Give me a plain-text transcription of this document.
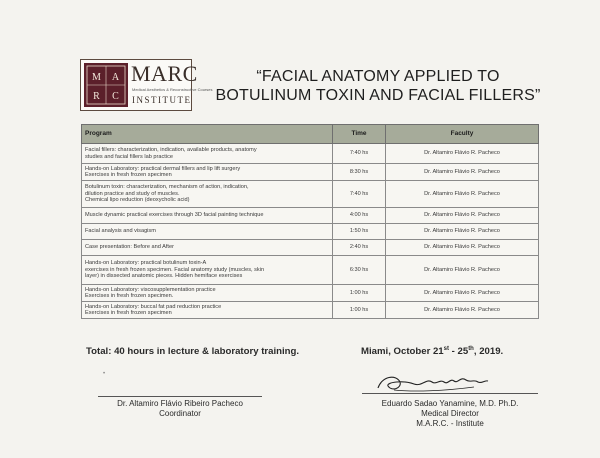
M A
R C
MARC
Medical Aesthetics & Reconstructive Courses
INSTITUTE
“FACIAL ANATOMY APPLIED TO
BOTULINUM TOXIN AND FACIAL FILLERS”
Program	Time	Faculty

Facial fillers: characterization, indication, available products, anatomy
studies and facial fillers lab practice	7:40 hs	Dr. Altamiro Flávio R. Pacheco

Hands-on Laboratory: practical dermal fillers and lip lift surgery
Exercises in fresh frozen specimen	8:30 hs	Dr. Altamiro Flávio R. Pacheco

Botulinum toxin: characterization, mechanism of action, indication,
dilution practice and study of muscles.
Chemical lipo reduction (deoxycholic acid)	7:40 hs	Dr. Altamiro Flávio R. Pacheco

Muscle dynamic practical exercises through 3D facial painting technique	4:00 hs	Dr. Altamiro Flávio R. Pacheco

Facial analysis and visagism	1:50 hs	Dr. Altamiro Flávio R. Pacheco

Case presentation: Before and After	2:40 hs	Dr. Altamiro Flávio R. Pacheco

Hands-on Laboratory: practical botulinum toxin-A
exercises in fresh frozen specimen. Facial anatomy study (muscles, skin
layer) in dissected anatomic pieces. Hidden hemiface exercises	6:30 hs	Dr. Altamiro Flávio R. Pacheco

Hands-on Laboratory: viscosupplementation practice
Exercises in fresh frozen specimen.	1:00 hs	Dr. Altamiro Flávio R. Pacheco

Hands-on Laboratory: buccal fat pad reduction practice
Exercises in fresh frozen specimen	1:00 hs	Dr. Altamiro Flávio R. Pacheco
Total: 40 hours in lecture & laboratory training.	Miami, October 21st - 25th, 2019.
•
Dr. Altamiro Flávio Ribeiro Pacheco
Coordinator
Eduardo Sadao Yanamine, M.D. Ph.D.
Medical Director
M.A.R.C. - Institute
